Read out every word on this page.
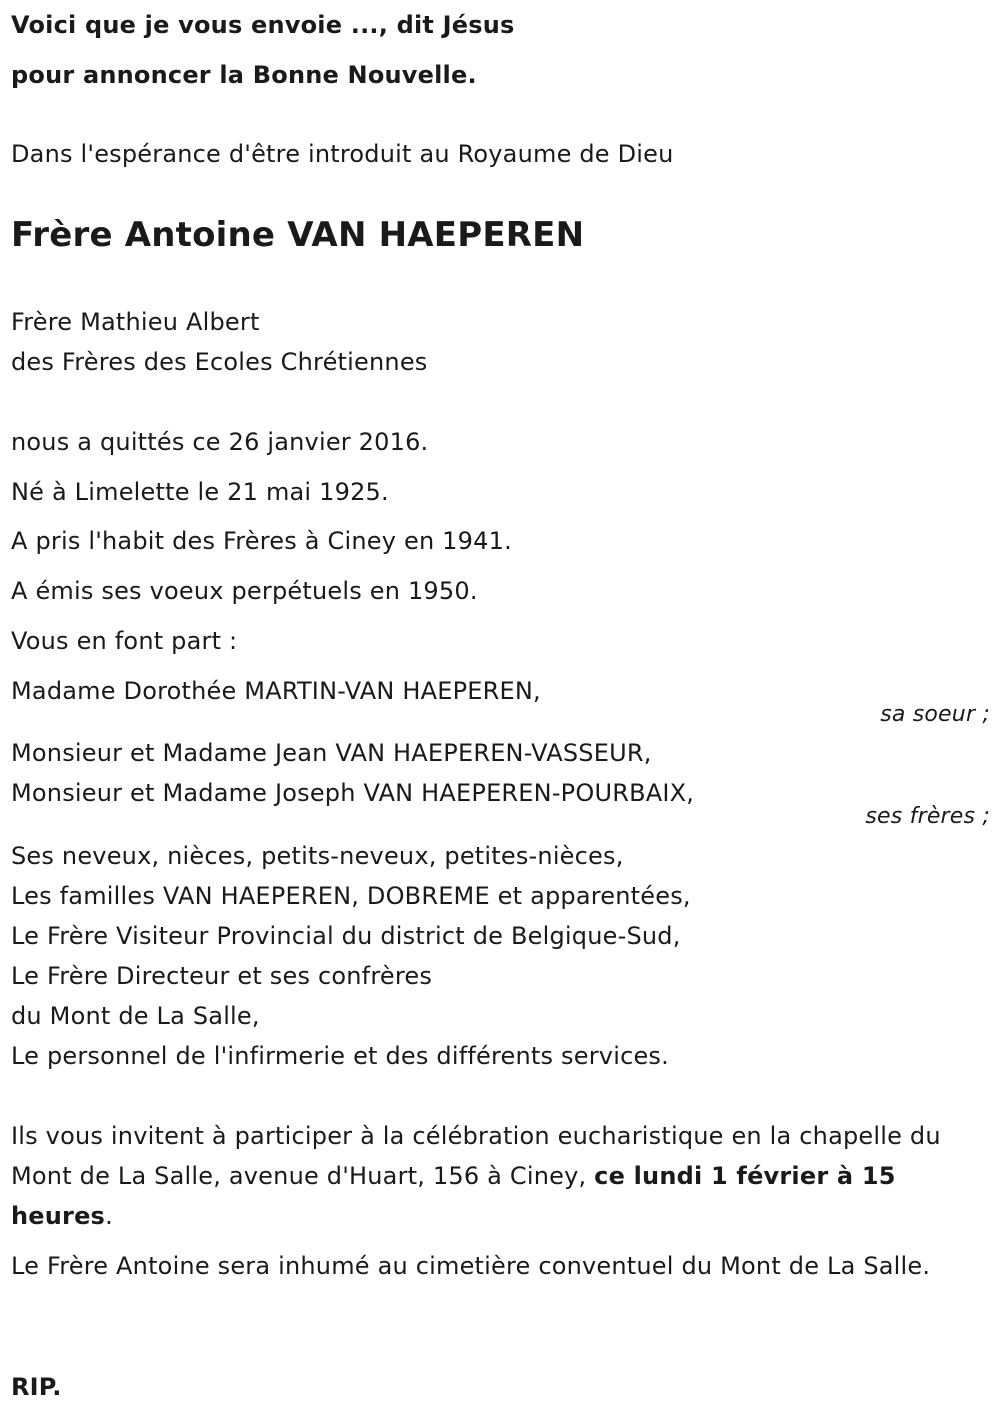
Voici que je vous envoie ..., dit Jésus
pour annoncer la Bonne Nouvelle.
Dans l'espérance d'être introduit au Royaume de Dieu
Frère Antoine VAN HAEPEREN
Frère Mathieu Albert
des Frères des Ecoles Chrétiennes
nous a quittés ce 26 janvier 2016.
Né à Limelette le 21 mai 1925.
A pris l'habit des Frères à Ciney en 1941.
A émis ses voeux perpétuels en 1950.
Vous en font part :
Madame Dorothée MARTIN-VAN HAEPEREN,
sa soeur ;
Monsieur et Madame Jean VAN HAEPEREN-VASSEUR,
Monsieur et Madame Joseph VAN HAEPEREN-POURBAIX,
ses frères ;
Ses neveux, nièces, petits-neveux, petites-nièces,
Les familles VAN HAEPEREN, DOBREME et apparentées,
Le Frère Visiteur Provincial du district de Belgique-Sud,
Le Frère Directeur et ses confrères
du Mont de La Salle,
Le personnel de l'infirmerie et des différents services.
Ils vous invitent à participer à la célébration eucharistique en la chapelle du Mont de La Salle, avenue d'Huart, 156 à Ciney, ce lundi 1 février à 15 heures.
Le Frère Antoine sera inhumé au cimetière conventuel du Mont de La Salle.
RIP.
